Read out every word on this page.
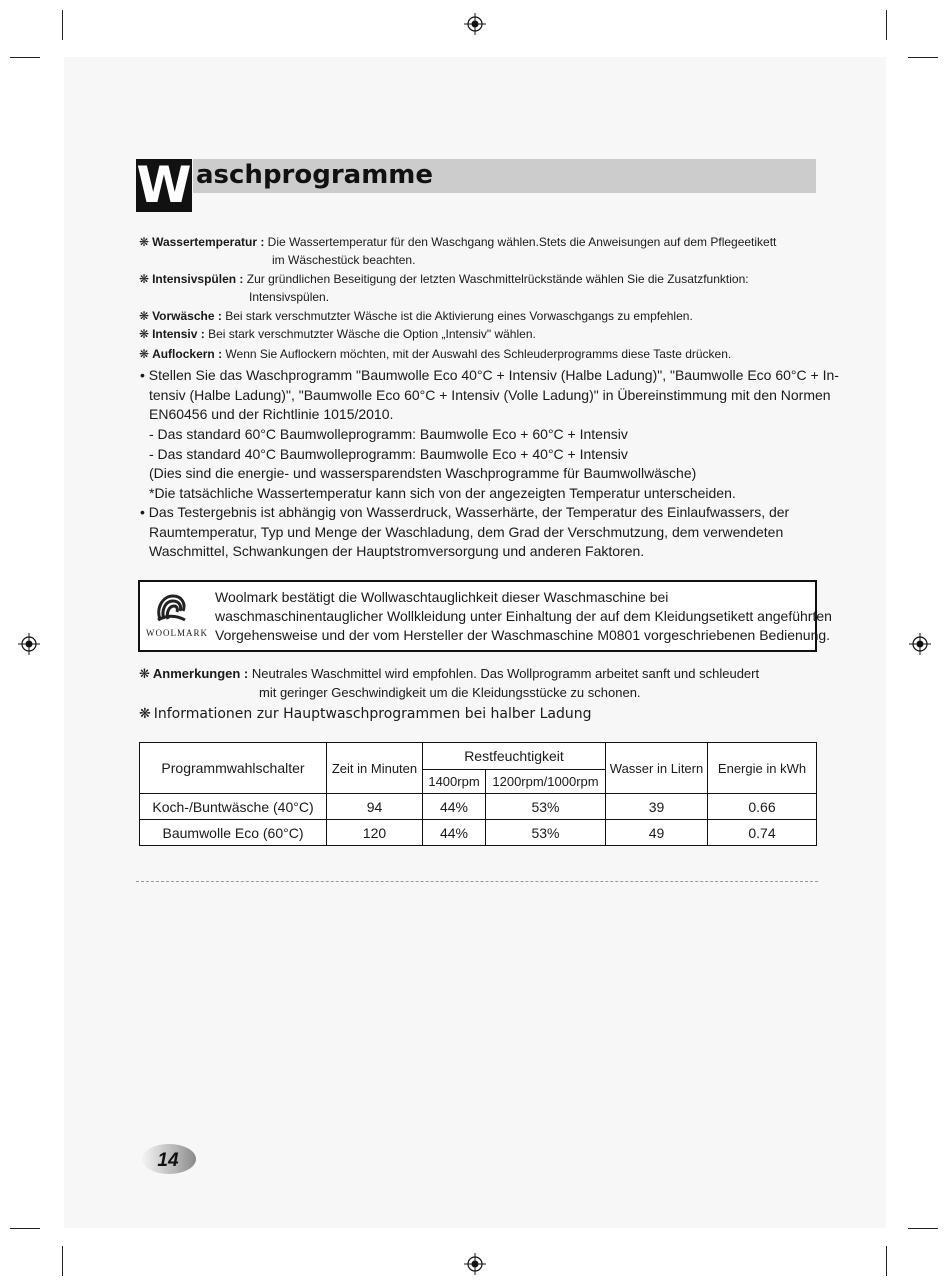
W aschprogramme
❋ Wassertemperatur : Die Wassertemperatur für den Waschgang wählen.Stets die Anweisungen auf dem Pflegeetikett
im Wäschestück beachten.
❋ Intensivspülen : Zur gründlichen Beseitigung der letzten Waschmittelrückstände wählen Sie die Zusatzfunktion:
Intensivspülen.
❋ Vorwäsche : Bei stark verschmutzter Wäsche ist die Aktivierung eines Vorwaschgangs zu empfehlen.
❋ Intensiv : Bei stark verschmutzter Wäsche die Option „Intensiv" wählen.
❋ Auflockern : Wenn Sie Auflockern möchten, mit der Auswahl des Schleuderprogramms diese Taste drücken.
• Stellen Sie das Waschprogramm "Baumwolle Eco 40°C + Intensiv (Halbe Ladung)", "Baumwolle Eco 60°C + In-
tensiv (Halbe Ladung)", "Baumwolle Eco 60°C + Intensiv (Volle Ladung)" in Übereinstimmung mit den Normen
EN60456 und der Richtlinie 1015/2010.
- Das standard 60°C Baumwolleprogramm: Baumwolle Eco + 60°C + Intensiv
- Das standard 40°C Baumwolleprogramm: Baumwolle Eco + 40°C + Intensiv
(Dies sind die energie- und wassersparendsten Waschprogramme für Baumwollwäsche)
*Die tatsächliche Wassertemperatur kann sich von der angezeigten Temperatur unterscheiden.
• Das Testergebnis ist abhängig von Wasserdruck, Wasserhärte, der Temperatur des Einlaufwassers, der
Raumtemperatur, Typ und Menge der Waschladung, dem Grad der Verschmutzung, dem verwendeten
Waschmittel, Schwankungen der Hauptstromversorgung und anderen Faktoren.
WOOLMARK
Woolmark bestätigt die Wollwaschtauglichkeit dieser Waschmaschine bei
waschmaschinentauglicher Wollkleidung unter Einhaltung der auf dem Kleidungsetikett angeführten
Vorgehensweise und der vom Hersteller der Waschmaschine M0801 vorgeschriebenen Bedienung.
❋ Anmerkungen : Neutrales Waschmittel wird empfohlen. Das Wollprogramm arbeitet sanft und schleudert
mit geringer Geschwindigkeit um die Kleidungsstücke zu schonen.
❋ Informationen zur Hauptwaschprogrammen bei halber Ladung
Programmwahlschalter	Zeit in Minuten	Restfeuchtigkeit		Wasser in Litern	Energie in kWh
		1400rpm	1200rpm/1000rpm		
Koch-/Buntwäsche (40°C)	94	44%	53%	39	0.66
Baumwolle Eco (60°C)	120	44%	53%	49	0.74
14
